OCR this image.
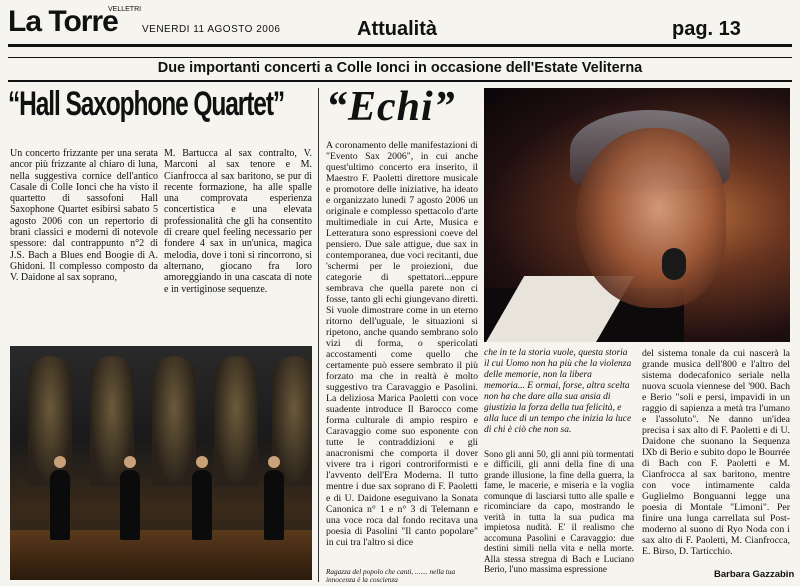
La Torre
VELLETRI
VENERDI 11 AGOSTO 2006	Attualità	pag. 13
Due importanti concerti a Colle Ionci in occasione dell'Estate Veliterna
“Hall Saxophone Quartet”
Un concerto frizzante per una serata ancor più frizzante al chiaro di luna, nella suggestiva cornice dell'antico Casale di Colle Ionci che ha visto il quartetto di sassofoni Hall Saxophone Quartet esibirsi sabato 5 agosto 2006 con un repertorio di brani classici e moderni di notevole spessore: dal contrappunto n°2 di J.S. Bach a Blues end Boogie di A. Ghidoni. Il complesso composto da V. Daidone al sax soprano,
M. Bartucca al sax contralto, V. Marconi al sax tenore e M. Cianfrocca al sax baritono, se pur di recente formazione, ha alle spalle una comprovata esperienza concertistica e una elevata professionalità che gli ha consentito di creare quel feeling necessario per fondere 4 sax in un'unica, magica melodia, dove i toni si rincorrono, si alternano, giocano fra loro amoreggiando in una cascata di note e in vertiginose sequenze.
“Echi”
A coronamento delle manifestazioni di "Evento Sax 2006", in cui anche quest'ultimo concerto era inserito, il Maestro F. Paoletti direttore musicale e promotore delle iniziative, ha ideato e organizzato lunedì 7 agosto 2006 un originale e complesso spettacolo d'arte multimediale in cui Arte, Musica e Letteratura sono espressioni coeve del pensiero. Due sale attigue, due sax in contemporanea, due voci recitanti, due 'schermi per le proiezioni, due categorie di spettatori...eppure sembrava che quella parete non ci fosse, tanto gli echi giungevano diretti. Si vuole dimostrare come in un eterno ritorno dell'uguale, le situazioni si ripetono, anche quando sembrano solo vizi di forma, o spericolati accostamenti come quello che certamente può essere sembrato il più forzato ma che in realtà è molto suggestivo tra Caravaggio e Pasolini. La deliziosa Marica Paoletti con voce suadente introduce Il Barocco come forma culturale di ampio respiro e Caravaggio come suo esponente con tutte le contraddizioni e gli anacronismi che comporta il dover vivere tra i rigori controriformisti e l'avvento dell'Era Moderna. Il tutto mentre i due sax soprano di F. Paoletti e di U. Daidone eseguivano la Sonata Canonica n° 1 e n° 3 di Telemann e una voce roca dal fondo recitava una poesia di Pasolini "Il canto popolare" in cui tra l'altro si dice
che in te la storia vuole, questa storia il cui Uomo non ha più che la violenza delle memorie, non la libera memoria... E ormai, forse, altra scelta non ha che dare alla sua ansia di giustizia la forza della tua felicità, e alla luce di un tempo che inizia la luce di chi è ciò che non sa.
Sono gli anni 50, gli anni più tormentati e difficili, gli anni della fine di una grande illusione, la fine della guerra, la fame, le macerie, e miseria e la voglia comunque di lasciarsi tutto alle spalle e ricominciare da capo, mostrando le verità in tutta la sua pudica ma impietosa nudità. E' il realismo che accomuna Pasolini e Caravaggio: due destini simili nella vita e nella morte. Alla stessa stregua di Bach e Luciano Berio, l'uno massima espressione
del sistema tonale da cui nascerà la grande musica dell'800 e l'altro del sistema dodecafonico seriale nella nuova scuola viennese del '900. Bach e Berio "soli e persi, impavidi in un raggio di sapienza a metà tra l'umano e l'assoluto". Ne danno un'idea precisa i sax alto di F. Paoletti e di U. Daidone che suonano la Sequenza IXb di Berio e subito dopo le Bourrée di Bach con F. Paoletti e M. Cianfrocca al sax baritono, mentre con voce intimamente calda Guglielmo Bonguanni legge una poesia di Montale "Limoni". Per finire una lunga carrellata sul Post-moderno al suono di Ryo Noda con i sax alto di F. Paoletti, M. Cianfrocca, E. Birso, D. Tarticchio.
Barbara Gazzabin
Ragazza del popolo che canti, ....... nella tua innocenza è la coscienza
